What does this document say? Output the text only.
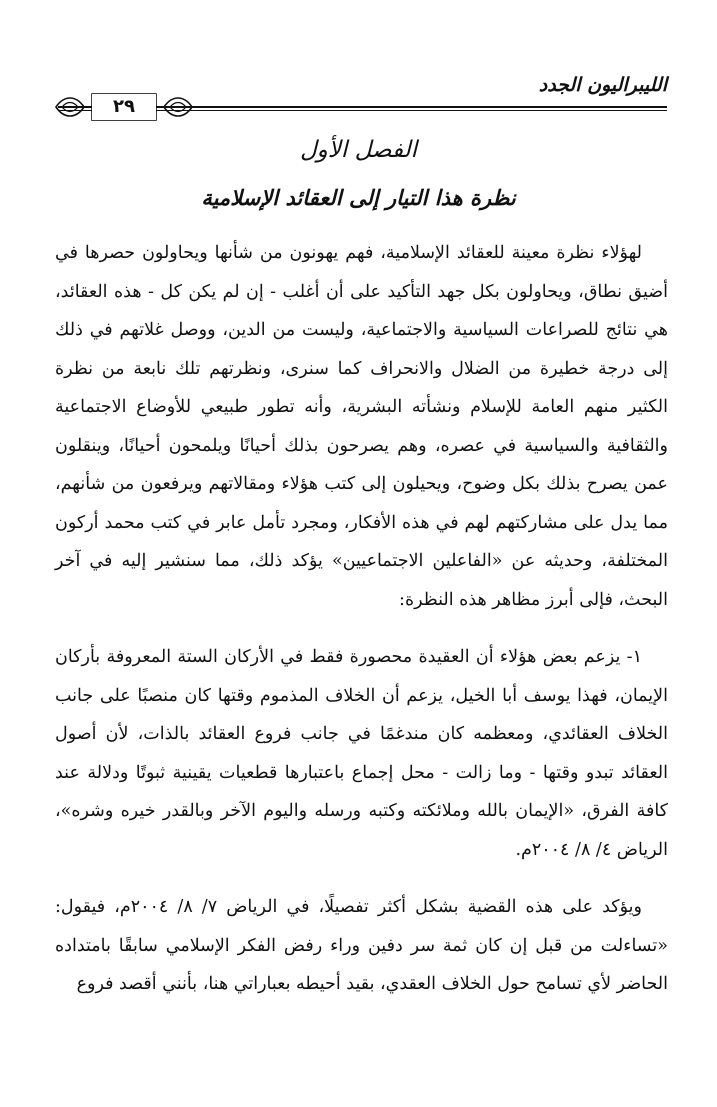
الليبراليون الجدد
٢٩
الفصل الأول
نظرة هذا التيار إلى العقائد الإسلامية

لهؤلاء نظرة معينة للعقائد الإسلامية، فهم يهونون من شأنها ويحاولون حصرها في أضيق نطاق، ويحاولون بكل جهد التأكيد على أن أغلب - إن لم يكن كل - هذه العقائد، هي نتائج للصراعات السياسية والاجتماعية، وليست من الدين، ووصل غلاتهم في ذلك إلى درجة خطيرة من الضلال والانحراف كما سنرى، ونظرتهم تلك نابعة من نظرة الكثير منهم العامة للإسلام ونشأته البشرية، وأنه تطور طبيعي للأوضاع الاجتماعية والثقافية والسياسية في عصره، وهم يصرحون بذلك أحيانًا ويلمحون أحيانًا، وينقلون عمن يصرح بذلك بكل وضوح، ويحيلون إلى كتب هؤلاء ومقالاتهم ويرفعون من شأنهم، مما يدل على مشاركتهم لهم في هذه الأفكار، ومجرد تأمل عابر في كتب محمد أركون المختلفة، وحديثه عن «الفاعلين الاجتماعيين» يؤكد ذلك، مما سنشير إليه في آخر البحث، فإلى أبرز مظاهر هذه النظرة:

١- يزعم بعض هؤلاء أن العقيدة محصورة فقط في الأركان الستة المعروفة بأركان الإيمان، فهذا يوسف أبا الخيل، يزعم أن الخلاف المذموم وقتها كان منصبًا على جانب الخلاف العقائدي، ومعظمه كان مندغمًا في جانب فروع العقائد بالذات، لأن أصول العقائد تبدو وقتها - وما زالت - محل إجماع باعتبارها قطعيات يقينية ثبوتًا ودلالة عند كافة الفرق، «الإيمان بالله وملائكته وكتبه ورسله واليوم الآخر وبالقدر خيره وشره»، الرياض ٤/ ٨/ ٢٠٠٤م.

ويؤكد على هذه القضية بشكل أكثر تفصيلًا، في الرياض ٧/ ٨/ ٢٠٠٤م، فيقول: «تساءلت من قبل إن كان ثمة سر دفين وراء رفض الفكر الإسلامي سابقًا بامتداده الحاضر لأي تسامح حول الخلاف العقدي، بقيد أحيطه بعباراتي هنا، بأنني أقصد فروع
